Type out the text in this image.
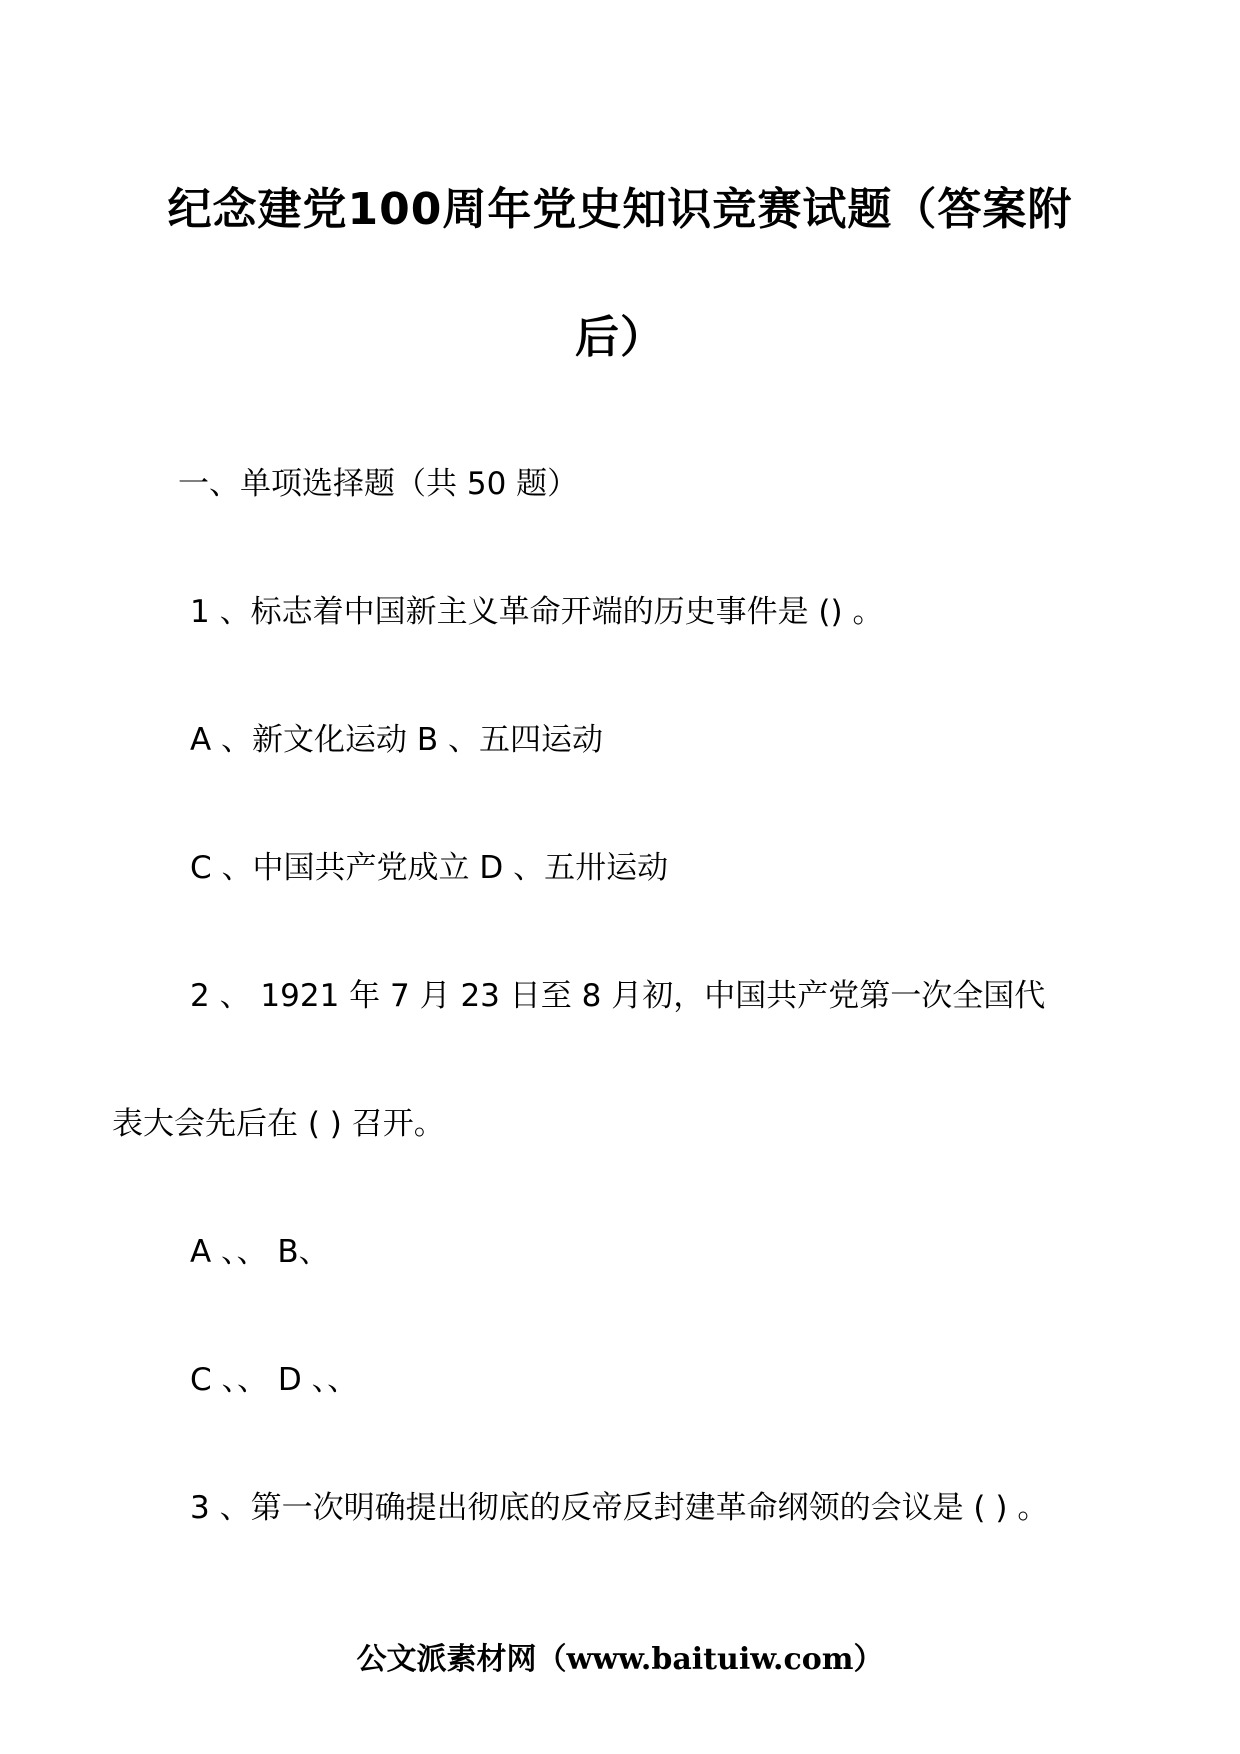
纪念建党100周年党史知识竞赛试题（答案附
后）
一、单项选择题（共 50 题）
1 、标志着中国新主义革命开端的历史事件是 () 。
A 、新文化运动 B 、五四运动
C 、中国共产党成立 D 、五卅运动
2 、 1921 年 7 月 23 日至 8 月初，中国共产党第一次全国代
表大会先后在 ( ) 召开。
A 、、 B、
C 、、 D 、、
3 、第一次明确提出彻底的反帝反封建革命纲领的会议是 ( ) 。
公文派素材网（www.baituiw.com）
